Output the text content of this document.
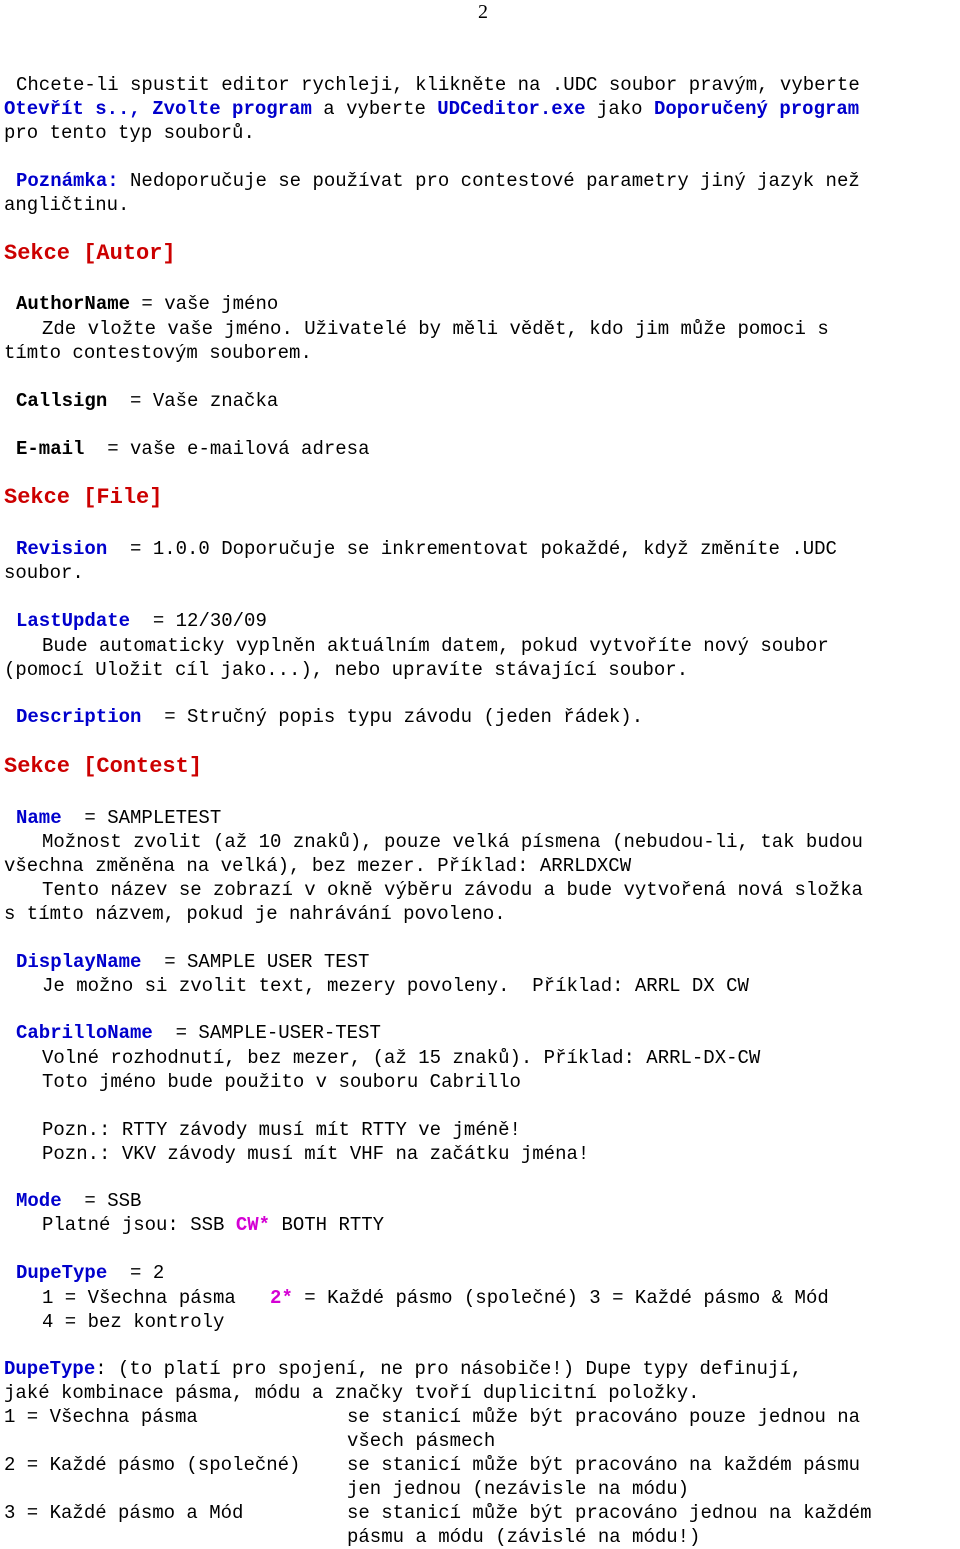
2
Chcete-li spustit editor rychleji, klikněte na .UDC soubor pravým, vyberte
Otevřít s.., Zvolte program a vyberte UDCeditor.exe jako Doporučený program
pro tento typ souborů.
Poznámka: Nedoporučuje se používat pro contestové parametry jiný jazyk než
angličtinu.
Sekce [Autor]
AuthorName = vaše jméno
Zde vložte vaše jméno. Uživatelé by měli vědět, kdo jim může pomoci s
tímto contestovým souborem.
Callsign  = Vaše značka
E-mail  = vaše e-mailová adresa
Sekce [File]
Revision  = 1.0.0 Doporučuje se inkrementovat pokaždé, když změníte .UDC
soubor.
LastUpdate  = 12/30/09
Bude automaticky vyplněn aktuálním datem, pokud vytvoříte nový soubor
(pomocí Uložit cíl jako...), nebo upravíte stávající soubor.
Description  = Stručný popis typu závodu (jeden řádek).
Sekce [Contest]
Name  = SAMPLETEST
Možnost zvolit (až 10 znaků), pouze velká písmena (nebudou-li, tak budou
všechna změněna na velká), bez mezer. Příklad: ARRLDXCW
Tento název se zobrazí v okně výběru závodu a bude vytvořená nová složka
s tímto názvem, pokud je nahrávání povoleno.
DisplayName  = SAMPLE USER TEST
Je možno si zvolit text, mezery povoleny.  Příklad: ARRL DX CW
CabrilloName  = SAMPLE-USER-TEST
Volné rozhodnutí, bez mezer, (až 15 znaků). Příklad: ARRL-DX-CW
Toto jméno bude použito v souboru Cabrillo
Pozn.: RTTY závody musí mít RTTY ve jméně!
Pozn.: VKV závody musí mít VHF na začátku jména!
Mode  = SSB
Platné jsou: SSB CW* BOTH RTTY
DupeType  = 2
1 = Všechna pásma   2* = Každé pásmo (společné) 3 = Každé pásmo & Mód
4 = bez kontroly
DupeType: (to platí pro spojení, ne pro násobiče!) Dupe typy definují,
jaké kombinace pásma, módu a značky tvoří duplicitní položky.
1 = Všechna pásma	se stanicí může být pracováno pouze jednou na
všech pásmech
2 = Každé pásmo (společné) se stanicí může být pracováno na každém pásmu
jen jednou (nezávisle na módu)
3 = Každé pásmo a Mód	se stanicí může být pracováno jednou na každém
pásmu a módu (závislé na módu!)
